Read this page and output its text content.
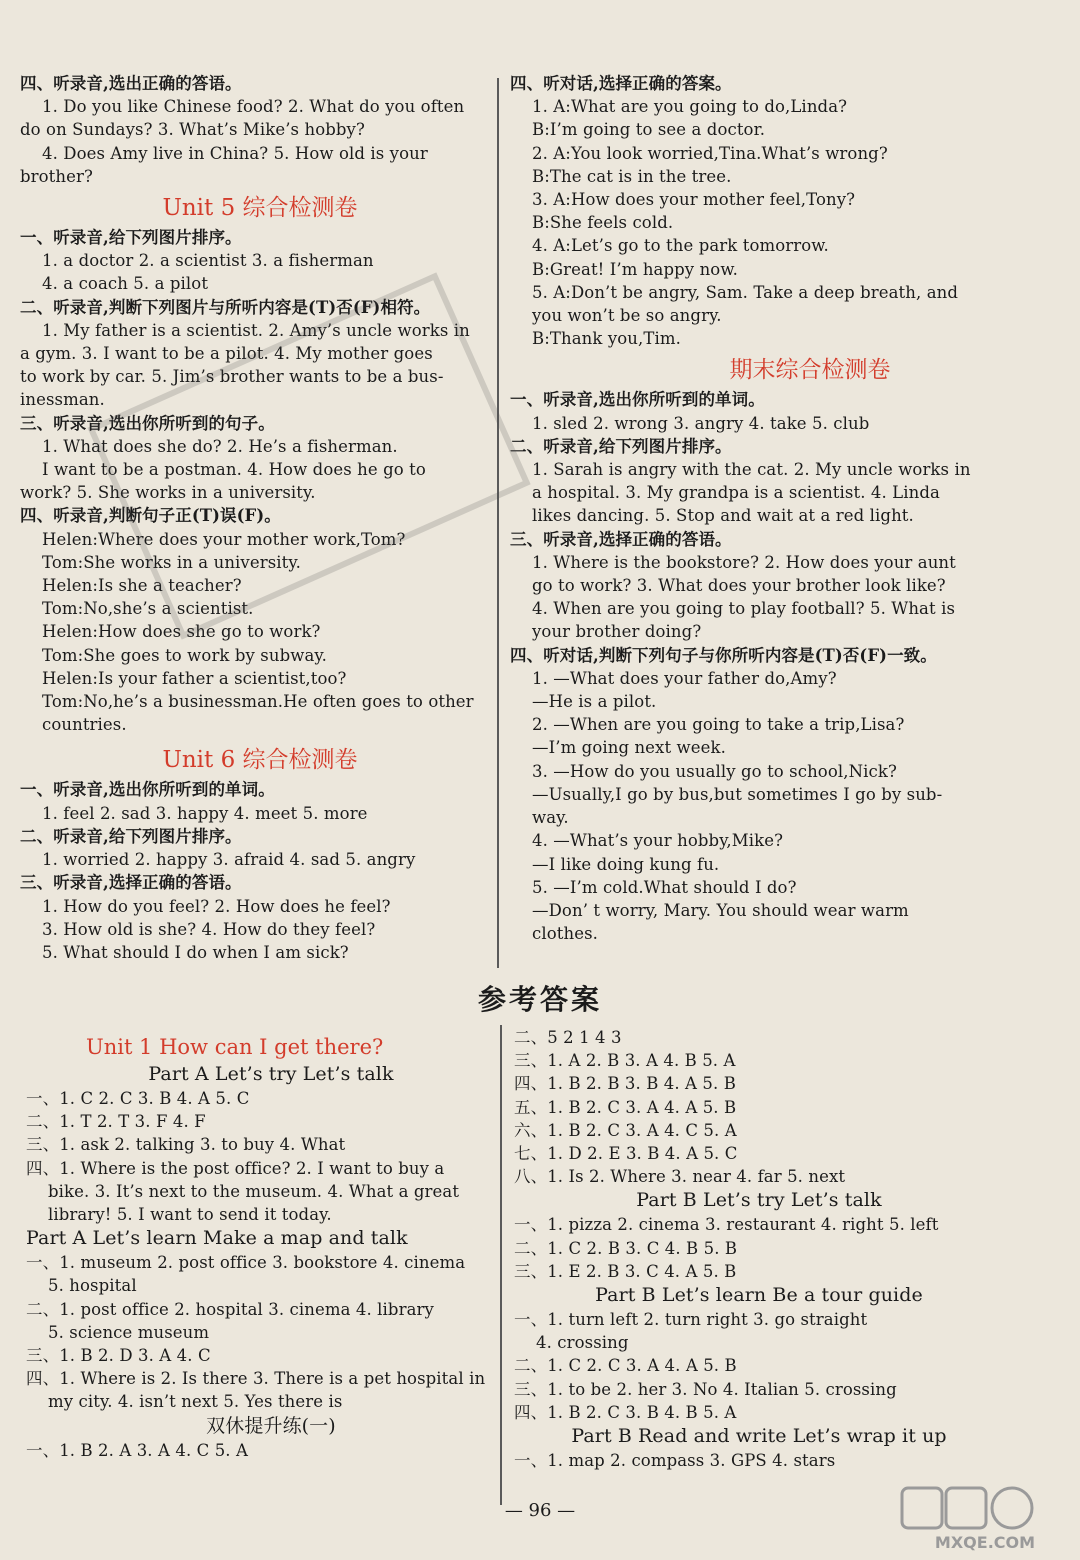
四、听录音,选出正确的答语。
1. Do you like Chinese food? 2. What do you often
do on Sundays? 3. What’s Mike’s hobby?
4. Does Amy live in China? 5. How old is your
brother?
Unit 5 综合检测卷
一、听录音,给下列图片排序。
1. a doctor 2. a scientist 3. a fisherman
4. a coach 5. a pilot
二、听录音,判断下列图片与所听内容是(T)否(F)相符。
1. My father is a scientist. 2. Amy’s uncle works in
a gym. 3. I want to be a pilot. 4. My mother goes
to work by car. 5. Jim’s brother wants to be a bus-
inessman.
三、听录音,选出你所听到的句子。
1. What does she do? 2. He’s a fisherman.
I want to be a postman. 4. How does he go to
work? 5. She works in a university.
四、听录音,判断句子正(T)误(F)。
Helen:Where does your mother work,Tom?
Tom:She works in a university.
Helen:Is she a teacher?
Tom:No,she’s a scientist.
Helen:How does she go to work?
Tom:She goes to work by subway.
Helen:Is your father a scientist,too?
Tom:No,he’s a businessman.He often goes to other
countries.
Unit 6 综合检测卷
一、听录音,选出你所听到的单词。
1. feel 2. sad 3. happy 4. meet 5. more
二、听录音,给下列图片排序。
1. worried 2. happy 3. afraid 4. sad 5. angry
三、听录音,选择正确的答语。
1. How do you feel? 2. How does he feel?
3. How old is she? 4. How do they feel?
5. What should I do when I am sick?
四、听对话,选择正确的答案。
1. A:What are you going to do,Linda?
B:I’m going to see a doctor.
2. A:You look worried,Tina.What’s wrong?
B:The cat is in the tree.
3. A:How does your mother feel,Tony?
B:She feels cold.
4. A:Let’s go to the park tomorrow.
B:Great! I’m happy now.
5. A:Don’t be angry, Sam. Take a deep breath, and
you won’t be so angry.
B:Thank you,Tim.
期末综合检测卷
一、听录音,选出你所听到的单词。
1. sled 2. wrong 3. angry 4. take 5. club
二、听录音,给下列图片排序。
1. Sarah is angry with the cat. 2. My uncle works in
a hospital. 3. My grandpa is a scientist. 4. Linda
likes dancing. 5. Stop and wait at a red light.
三、听录音,选择正确的答语。
1. Where is the bookstore? 2. How does your aunt
go to work? 3. What does your brother look like?
4. When are you going to play football? 5. What is
your brother doing?
四、听对话,判断下列句子与你所听内容是(T)否(F)一致。
1. —What does your father do,Amy?
—He is a pilot.
2. —When are you going to take a trip,Lisa?
—I’m going next week.
3. —How do you usually go to school,Nick?
—Usually,I go by bus,but sometimes I go by sub-
way.
4. —What’s your hobby,Mike?
—I like doing kung fu.
5. —I’m cold.What should I do?
—Don’ t worry, Mary. You should wear warm
clothes.
参考答案
Unit 1 How can I get there?
Part A Let’s try Let’s talk
一、1. C 2. C 3. B 4. A 5. C
二、1. T 2. T 3. F 4. F
三、1. ask 2. talking 3. to buy 4. What
四、1. Where is the post office? 2. I want to buy a
bike. 3. It’s next to the museum. 4. What a great
library! 5. I want to send it today.
Part A Let’s learn Make a map and talk
一、1. museum 2. post office 3. bookstore 4. cinema
5. hospital
二、1. post office 2. hospital 3. cinema 4. library
5. science museum
三、1. B 2. D 3. A 4. C
四、1. Where is 2. Is there 3. There is a pet hospital in
my city. 4. isn’t next 5. Yes there is
双休提升练(一)
一、1. B 2. A 3. A 4. C 5. A
二、5 2 1 4 3
三、1. A 2. B 3. A 4. B 5. A
四、1. B 2. B 3. B 4. A 5. B
五、1. B 2. C 3. A 4. A 5. B
六、1. B 2. C 3. A 4. C 5. A
七、1. D 2. E 3. B 4. A 5. C
八、1. Is 2. Where 3. near 4. far 5. next
Part B Let’s try Let’s talk
一、1. pizza 2. cinema 3. restaurant 4. right 5. left
二、1. C 2. B 3. C 4. B 5. B
三、1. E 2. B 3. C 4. A 5. B
Part B Let’s learn Be a tour guide
一、1. turn left 2. turn right 3. go straight
4. crossing
二、1. C 2. C 3. A 4. A 5. B
三、1. to be 2. her 3. No 4. Italian 5. crossing
四、1. B 2. C 3. B 4. B 5. A
Part B Read and write Let’s wrap it up
一、1. map 2. compass 3. GPS 4. stars
— 96 —
MXQE.COM
